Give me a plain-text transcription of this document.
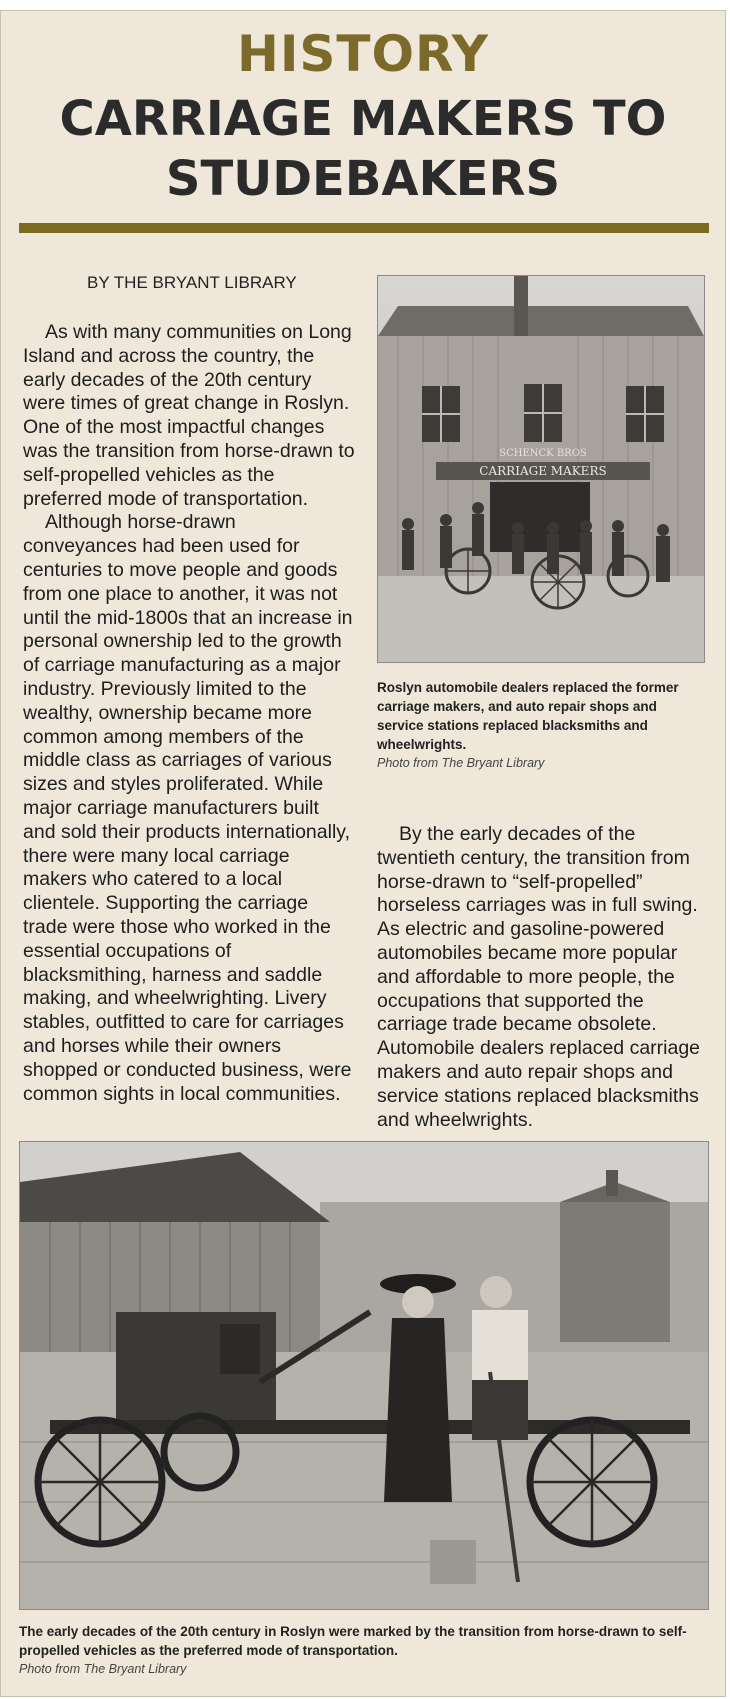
HISTORY
CARRIAGE MAKERS TO
STUDEBAKERS
BY THE BRYANT LIBRARY

As with many communities on Long Island and across the country, the early decades of the 20th century were times of great change in Roslyn. One of the most impactful changes was the transition from horse-drawn to self-propelled vehicles as the preferred mode of transportation.
Although horse-drawn conveyances had been used for centuries to move people and goods from one place to another, it was not until the mid-1800s that an increase in personal ownership led to the growth of carriage manufacturing as a major industry. Previously limited to the wealthy, ownership became more common among members of the middle class as carriages of various sizes and styles proliferated. While major carriage manufacturers built and sold their products internationally, there were many local carriage makers who catered to a local clientele. Supporting the carriage trade were those who worked in the essential occupations of blacksmithing, harness and saddle making, and wheelwrighting. Livery stables, outfitted to care for carriages and horses while their owners shopped or conducted business, were common sights in local communities.

SCHENCK BROS
CARRIAGE MAKERS
Roslyn automobile dealers replaced the former carriage makers, and auto repair shops and service stations replaced blacksmiths and wheelwrights.
Photo from The Bryant Library

By the early decades of the twentieth century, the transition from horse-drawn to “self-propelled” horseless carriages was in full swing. As electric and gasoline-powered automobiles became more popular and affordable to more people, the occupations that supported the carriage trade became obsolete. Automobile dealers replaced carriage makers and auto repair shops and service stations replaced blacksmiths and wheelwrights.

The early decades of the 20th century in Roslyn were marked by the transition from horse-drawn to self-propelled vehicles as the preferred mode of transportation.
Photo from The Bryant Library
